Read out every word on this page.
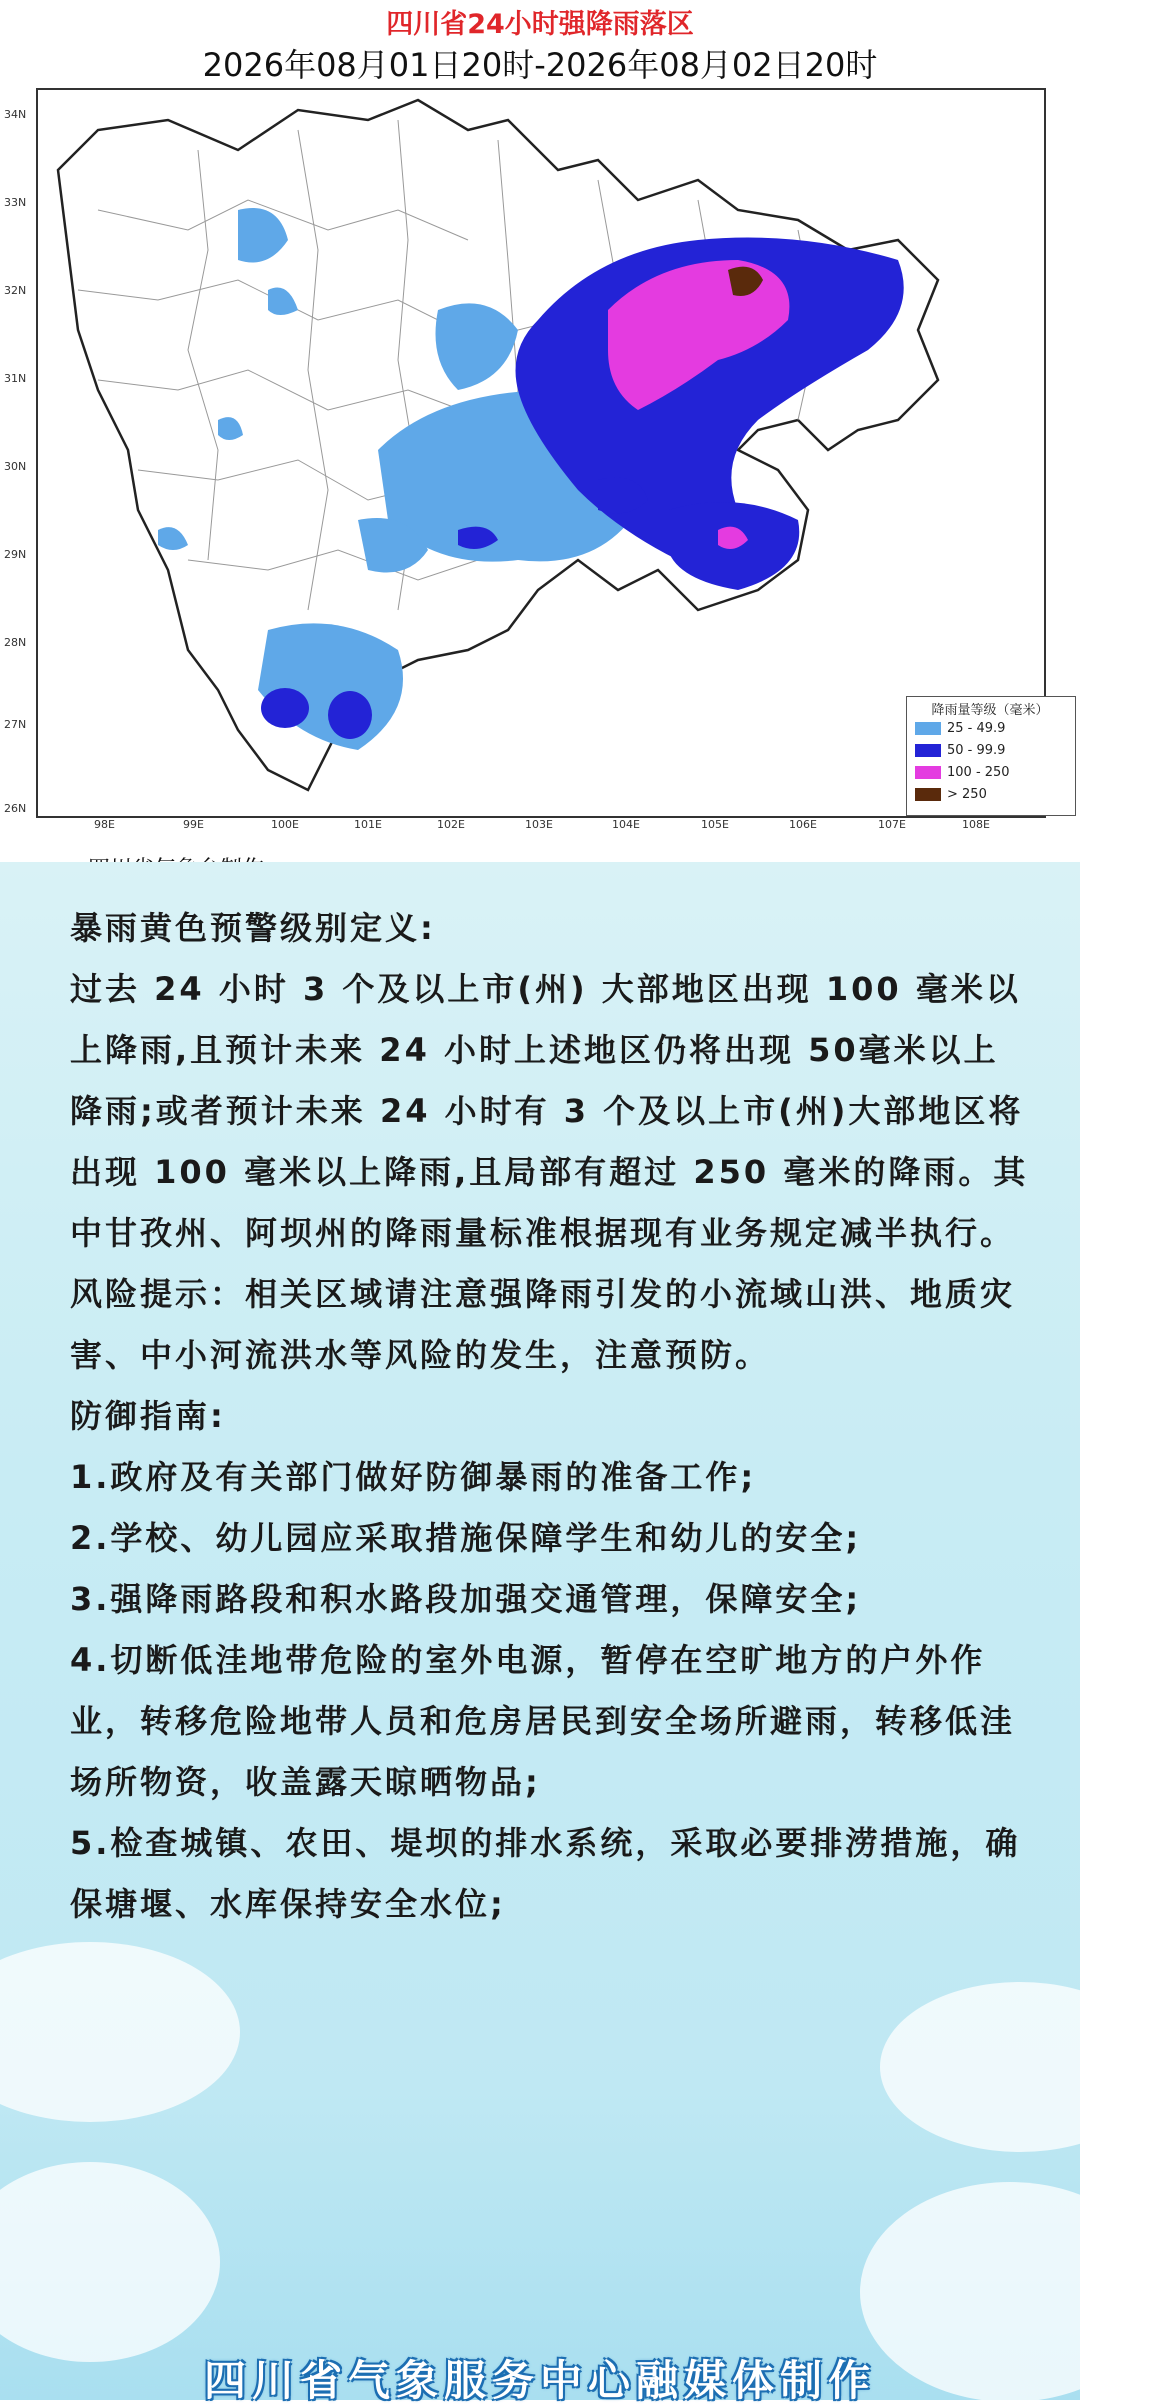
四川省24小时强降雨落区
2026年08月01日20时-2026年08月02日20时
降雨量等级（毫米）
25 - 49.9
50 - 99.9
100 - 250
> 250
34N
33N
32N
31N
30N
29N
28N
27N
26N
98E	99E	100E	101E	102E	103E	104E	105E	106E	107E	108E

暴雨黄色预警级别定义:

过去 24 小时 3 个及以上市(州) 大部地区出现 100 毫米以上降雨,且预计未来 24 小时上述地区仍将出现 50毫米以上降雨;或者预计未来 24 小时有 3 个及以上市(州)大部地区将出现 100 毫米以上降雨,且局部有超过 250 毫米的降雨。其中甘孜州、阿坝州的降雨量标准根据现有业务规定减半执行。

风险提示：相关区域请注意强降雨引发的小流域山洪、地质灾害、中小河流洪水等风险的发生，注意预防。

防御指南:

1.政府及有关部门做好防御暴雨的准备工作;

2.学校、幼儿园应采取措施保障学生和幼儿的安全;

3.强降雨路段和积水路段加强交通管理，保障安全;

4.切断低洼地带危险的室外电源，暂停在空旷地方的户外作业，转移危险地带人员和危房居民到安全场所避雨，转移低洼场所物资，收盖露天晾晒物品;

5.检查城镇、农田、堤坝的排水系统，采取必要排涝措施，确保塘堰、水库保持安全水位;

四川省气象服务中心融媒体制作
